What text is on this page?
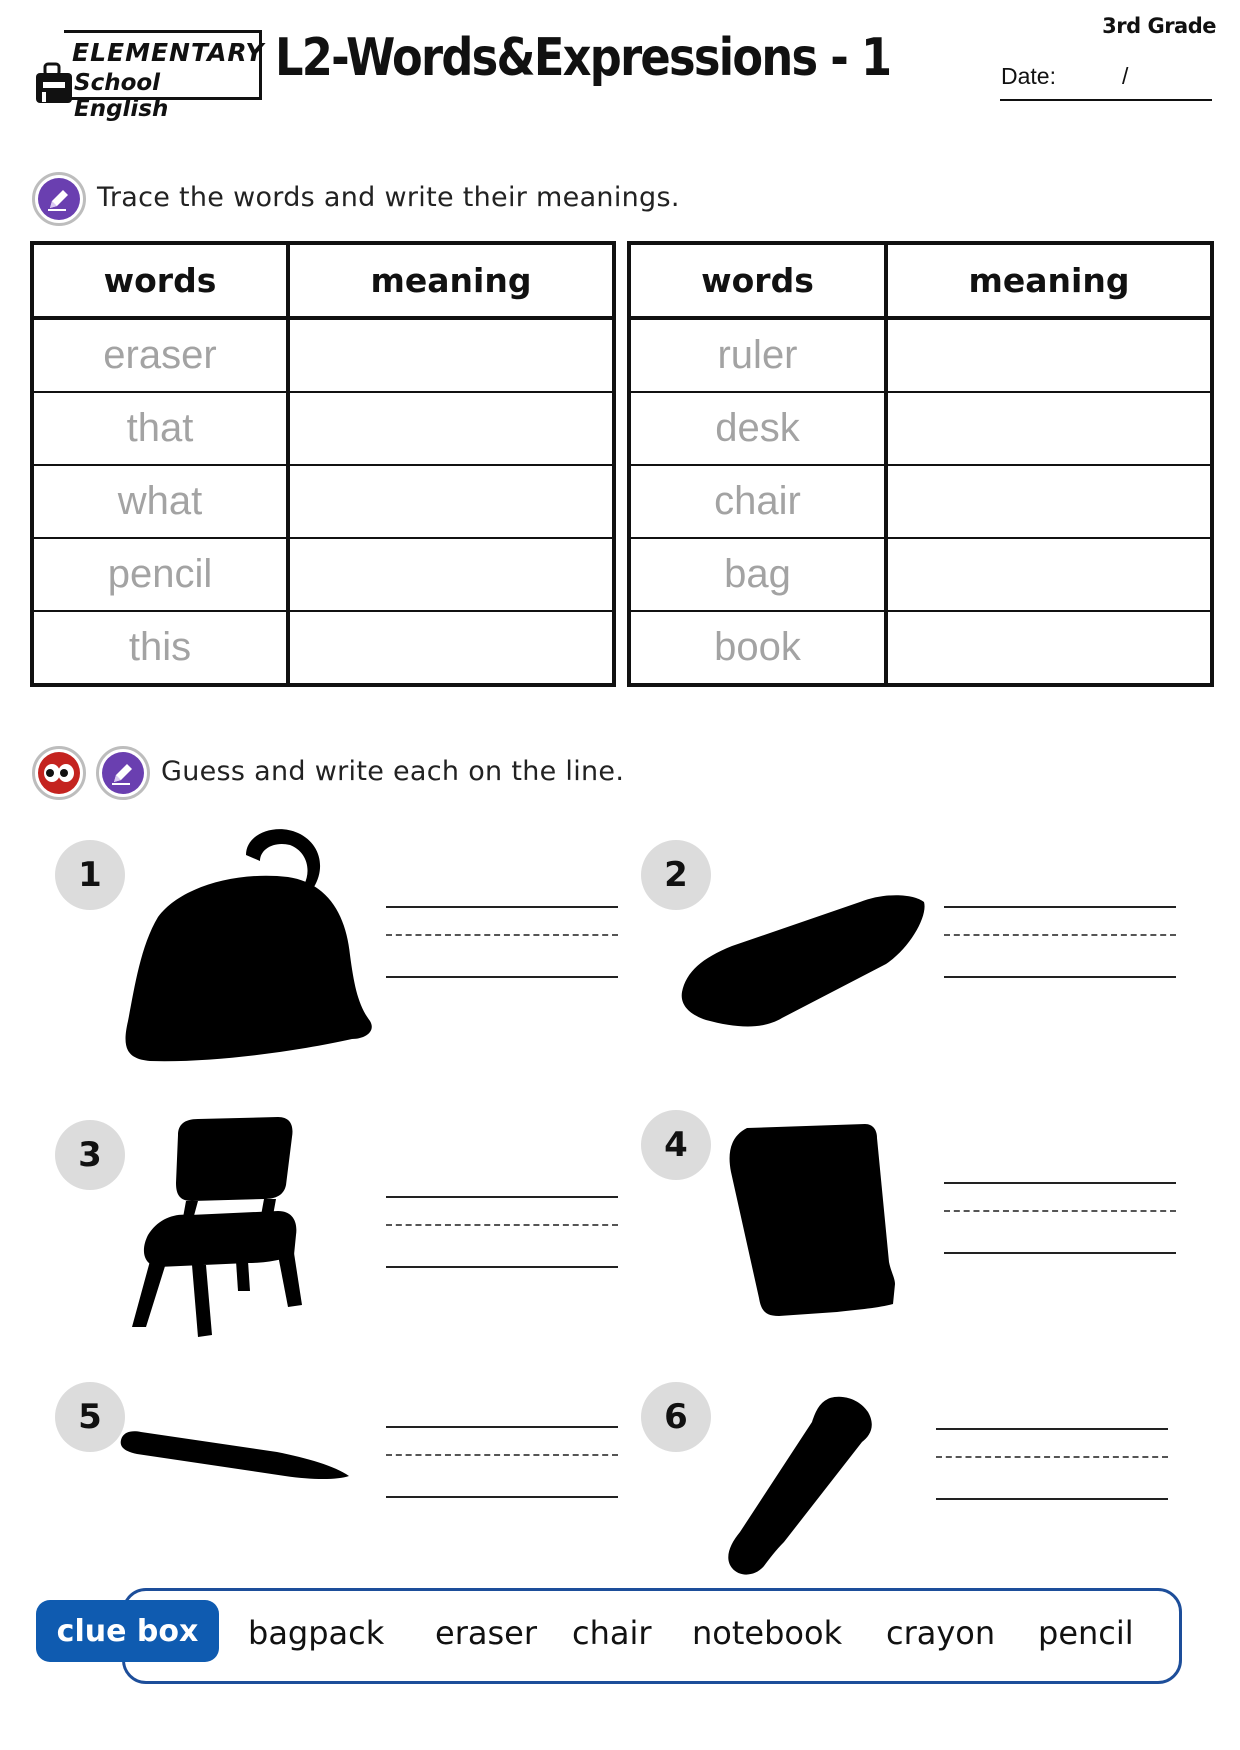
ELEMENTARY
School English
L2-Words&Expressions - 1
3rd Grade
Date:	/
Trace the words and write their meanings.
words	meaning
eraser	
that	
what	
pencil	
this	
words	meaning
ruler	
desk	
chair	
bag	
book	
Guess and write each on the line.
1	2
3	4
5	6
clue box	bagpack eraser chair notebook crayon pencil
